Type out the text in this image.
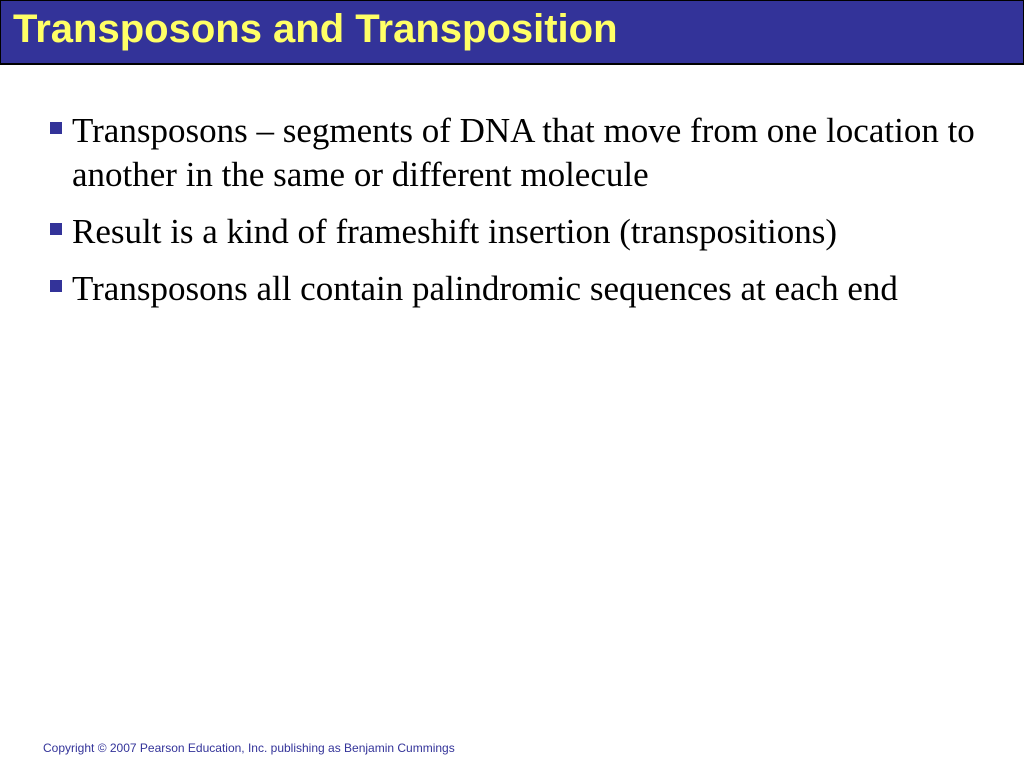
Transposons and Transposition
Transposons – segments of DNA that move from one location to another in the same or different molecule
Result is a kind of frameshift insertion (transpositions)
Transposons all contain palindromic sequences at each end
Copyright © 2007 Pearson Education, Inc. publishing as Benjamin Cummings
